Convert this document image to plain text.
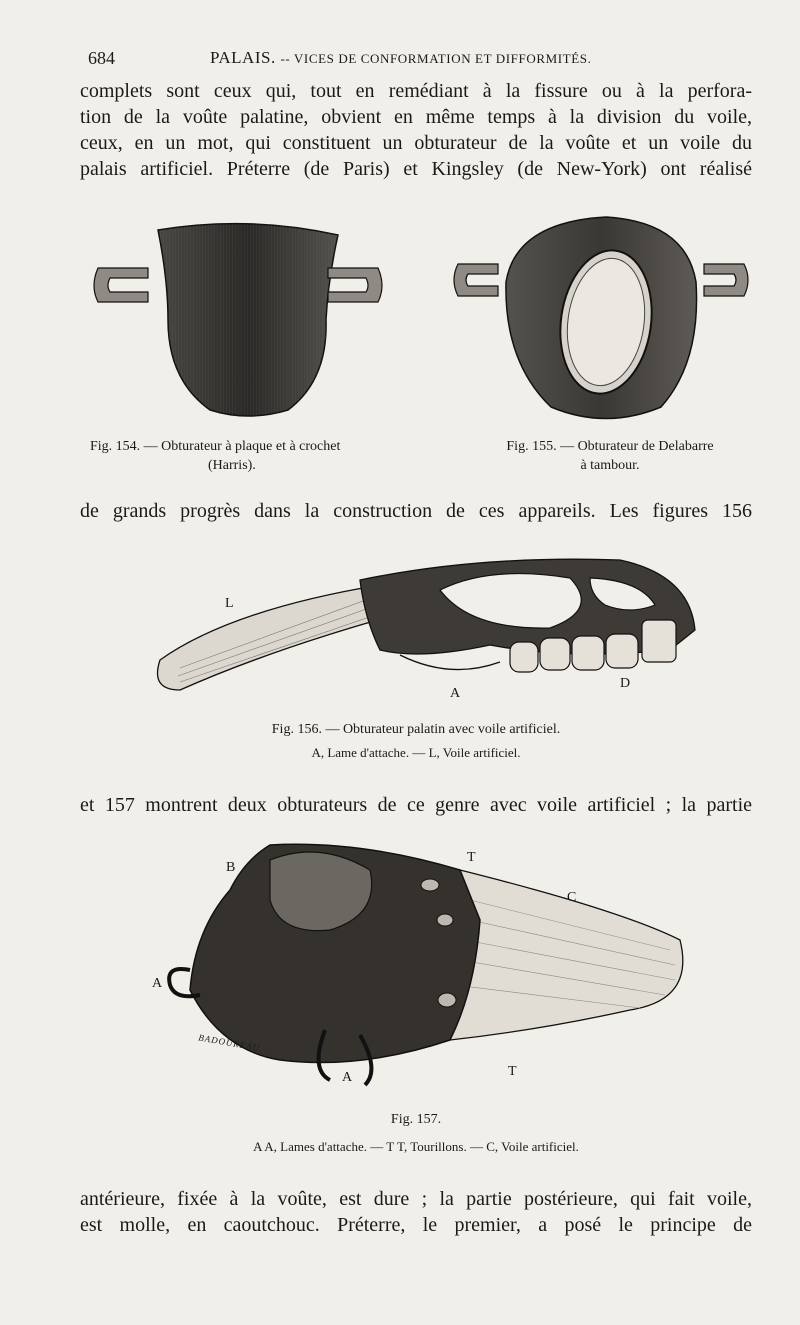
684	PALAIS. -- VICES DE CONFORMATION ET DIFFORMITÉS.
complets sont ceux qui, tout en remédiant à la fissure ou à la perfora-
tion de la voûte palatine, obvient en même temps à la division du voile,
ceux, en un mot, qui constituent un obturateur de la voûte et un voile du
palais artificiel. Préterre (de Paris) et Kingsley (de New-York) ont réalisé
Fig. 154. — Obturateur à plaque et à crochet
(Harris).
Fig. 155. — Obturateur de Delabarre
à tambour.
de grands progrès dans la construction de ces appareils. Les figures 156
L
A
D
Fig. 156. — Obturateur palatin avec voile artificiel.
A, Lame d'attache. — L, Voile artificiel.
et 157 montrent deux obturateurs de ce genre avec voile artificiel ; la partie
T
B
C
A
A	T
BADOUREAU.
Fig. 157.
A A, Lames d'attache. — T T, Tourillons. — C, Voile artificiel.
antérieure, fixée à la voûte, est dure ; la partie postérieure, qui fait voile,
est molle, en caoutchouc. Préterre, le premier, a posé le principe de
